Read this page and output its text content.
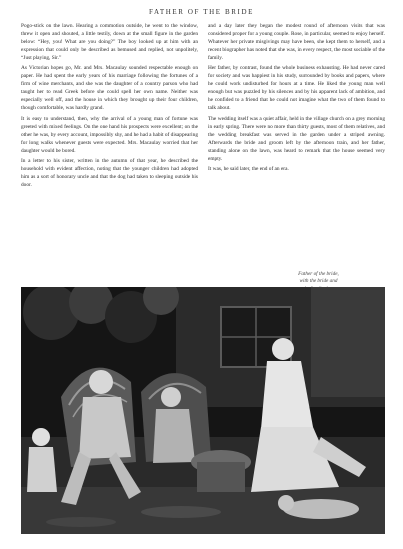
FATHER OF THE BRIDE

Pogo-stick on the lawn. Hearing a commotion outside, he went to the window, threw it open and shouted, a little testily, down at the small figure in the garden below: “Hey, you! What are you doing?” The boy looked up at him with an expression that could only be described as bemused and replied, not unpolitely, “Just playing, Sir.”

As Victorian hopes go, Mr. and Mrs. Macaulay sounded respectable enough on paper. He had spent the early years of his marriage following the fortunes of a firm of wine merchants, and she was the daughter of a country parson who had taught her to read Greek before she could spell her own name. Neither was especially well off, and the house in which they brought up their four children, though comfortable, was hardly grand.

It is easy to understand, then, why the arrival of a young man of fortune was greeted with mixed feelings. On the one hand his prospects were excellent; on the other he was, by every account, impossibly shy, and he had a habit of disappearing for long walks whenever guests were expected. Mrs. Macaulay worried that her daughter would be bored.

In a letter to his sister, written in the autumn of that year, he described the household with evident affection, noting that the younger children had adopted him as a sort of honorary uncle and that the dog had taken to sleeping outside his door.

and a day later they began the modest round of afternoon visits that was considered proper for a young couple. Rose, in particular, seemed to enjoy herself. Whatever her private misgivings may have been, she kept them to herself, and a recent biographer has noted that she was, in every respect, the most sociable of the family.

Her father, by contrast, found the whole business exhausting. He had never cared for society and was happiest in his study, surrounded by books and papers, where he could work undisturbed for hours at a time. He liked the young man well enough but was puzzled by his silences and by his apparent lack of ambition, and he confided to a friend that he could not imagine what the two of them found to talk about.

The wedding itself was a quiet affair, held in the village church on a grey morning in early spring. There were no more than thirty guests, most of them relatives, and the wedding breakfast was served in the garden under a striped awning. Afterwards the bride and groom left by the afternoon train, and her father, standing alone on the lawn, was heard to remark that the house seemed very empty.

It was, he said later, the end of an era.

Father of the bride,
with the bride and
